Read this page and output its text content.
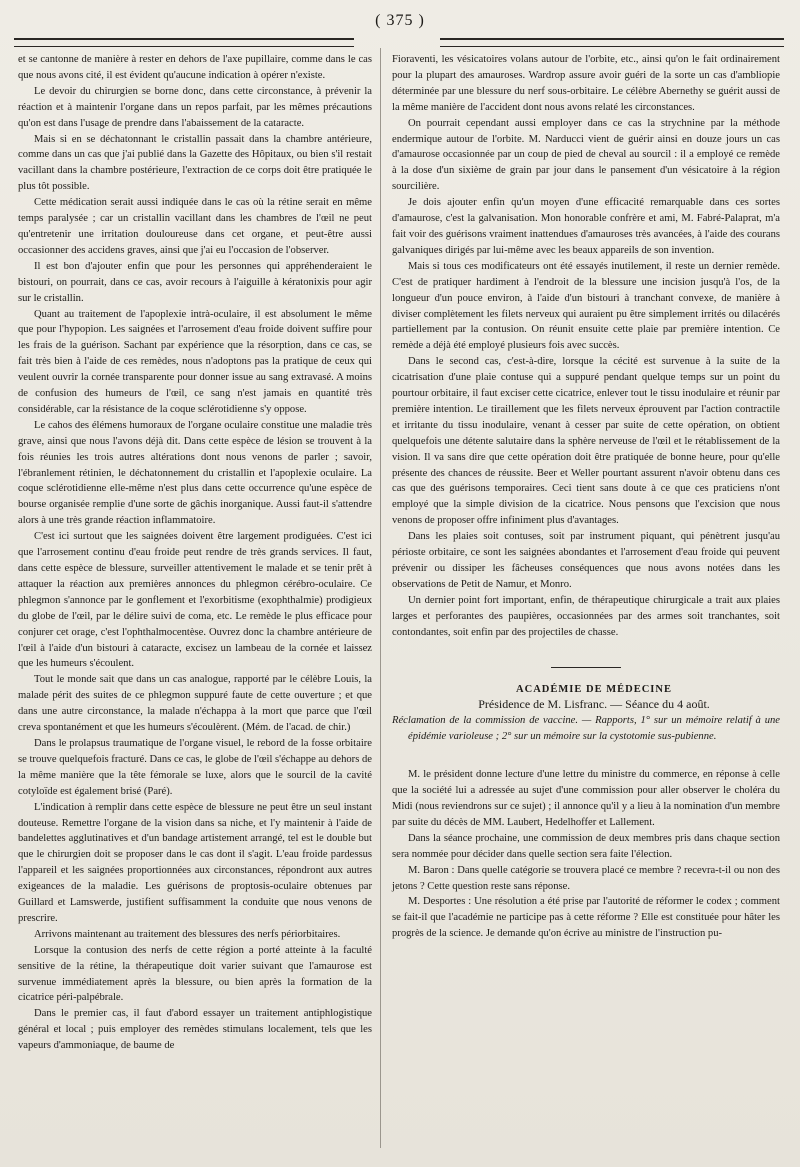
( 375 )

et se cantonne de manière à rester en dehors de l'axe pupillaire, comme dans le cas que nous avons cité, il est évident qu'aucune indication à opérer n'existe.

Le devoir du chirurgien se borne donc, dans cette circonstance, à prévenir la réaction et à maintenir l'organe dans un repos parfait, par les mêmes précautions qu'on est dans l'usage de prendre dans l'abaissement de la cataracte.

Mais si en se déchatonnant le cristallin passait dans la chambre antérieure, comme dans un cas que j'ai publié dans la Gazette des Hôpitaux, ou bien s'il restait vacillant dans la chambre postérieure, l'extraction de ce corps doit être pratiquée le plus tôt possible.

Cette médication serait aussi indiquée dans le cas où la rétine serait en même temps paralysée ; car un cristallin vacillant dans les chambres de l'œil ne peut qu'entretenir une irritation douloureuse dans cet organe, et peut-être aussi occasionner des accidens graves, ainsi que j'ai eu l'occasion de l'observer.

Il est bon d'ajouter enfin que pour les personnes qui appréhenderaient le bistouri, on pourrait, dans ce cas, avoir recours à l'aiguille à kératonixis pour agir sur le cristallin.

Quant au traitement de l'apoplexie intrà-oculaire, il est absolument le même que pour l'hypopion. Les saignées et l'arrosement d'eau froide doivent suffire pour les frais de la guérison. Sachant par expérience que la résorption, dans ce cas, se fait très bien à l'aide de ces remèdes, nous n'adoptons pas la pratique de ceux qui veulent ouvrir la cornée transparente pour donner issue au sang extravasé. A moins de confusion des humeurs de l'œil, ce sang n'est jamais en quantité très considérable, car la résistance de la coque sclérotidienne s'y oppose.

Le cahos des élémens humoraux de l'organe oculaire constitue une maladie très grave, ainsi que nous l'avons déjà dit. Dans cette espèce de lésion se trouvent à la fois réunies les trois autres altérations dont nous venons de parler ; savoir, l'ébranlement rétinien, le déchatonnement du cristallin et l'apoplexie oculaire. La coque sclérotidienne elle-même n'est plus dans cette occurrence qu'une espèce de bourse organisée remplie d'une sorte de gâchis inorganique. Aussi faut-il s'attendre alors à une très grande réaction inflammatoire.

C'est ici surtout que les saignées doivent être largement prodiguées. C'est ici que l'arrosement continu d'eau froide peut rendre de très grands services. Il faut, dans cette espèce de blessure, surveiller attentivement le malade et se tenir prêt à attaquer la réaction aux premières annonces du phlegmon cérébro-oculaire. Ce phlegmon s'annonce par le gonflement et l'exorbitisme (exophthalmie) prodigieux du globe de l'œil, par le délire suivi de coma, etc. Le remède le plus efficace pour conjurer cet orage, c'est l'ophthalmocentèse. Ouvrez donc la chambre antérieure de l'œil à l'aide d'un bistouri à cataracte, excisez un lambeau de la cornée et laissez que les humeurs s'écoulent.

Tout le monde sait que dans un cas analogue, rapporté par le célèbre Louis, la malade périt des suites de ce phlegmon suppuré faute de cette ouverture ; et que dans une autre circonstance, la malade n'échappa à la mort que parce que l'œil creva spontanément et que les humeurs s'écoulèrent. (Mém. de l'acad. de chir.)

Dans le prolapsus traumatique de l'organe visuel, le rebord de la fosse orbitaire se trouve quelquefois fracturé. Dans ce cas, le globe de l'œil s'échappe au dehors de la même manière que la tête fémorale se luxe, alors que le sourcil de la cavité cotyloïde est également brisé (Paré).

L'indication à remplir dans cette espèce de blessure ne peut être un seul instant douteuse. Remettre l'organe de la vision dans sa niche, et l'y maintenir à l'aide de bandelettes agglutinatives et d'un bandage artistement arrangé, tel est le double but que le chirurgien doit se proposer dans le cas dont il s'agit. L'eau froide pardessus l'appareil et les saignées proportionnées aux circonstances, répondront aux autres exigeances de la maladie. Les guérisons de proptosis-oculaire obtenues par Guillard et Lamswerde, justifient suffisamment la conduite que nous venons de prescrire.

Arrivons maintenant au traitement des blessures des nerfs périorbitaires.

Lorsque la contusion des nerfs de cette région a porté atteinte à la faculté sensitive de la rétine, la thérapeutique doit varier suivant que l'amaurose est survenue immédiatement après la blessure, ou bien après la formation de la cicatrice péri-palpébrale.

Dans le premier cas, il faut d'abord essayer un traitement antiphlogistique général et local ; puis employer des remèdes stimulans localement, tels que les vapeurs d'ammoniaque, de baume de

Fioraventi, les vésicatoires volans autour de l'orbite, etc., ainsi qu'on le fait ordinairement pour la plupart des amauroses. Wardrop assure avoir guéri de la sorte un cas d'ambliopie déterminée par une blessure du nerf sous-orbitaire. Le célèbre Abernethy se guérit aussi de la même manière de l'accident dont nous avons relaté les circonstances.

On pourrait cependant aussi employer dans ce cas la strychnine par la méthode endermique autour de l'orbite. M. Narducci vient de guérir ainsi en douze jours un cas d'amaurose occasionnée par un coup de pied de cheval au sourcil : il a employé ce remède à la dose d'un sixième de grain par jour dans le pansement d'un vésicatoire à la région sourcilière.

Je dois ajouter enfin qu'un moyen d'une efficacité remarquable dans ces sortes d'amaurose, c'est la galvanisation. Mon honorable confrère et ami, M. Fabré-Palaprat, m'a fait voir des guérisons vraiment inattendues d'amauroses très avancées, à l'aide des courans galvaniques dirigés par lui-même avec les beaux appareils de son invention.

Mais si tous ces modificateurs ont été essayés inutilement, il reste un dernier remède. C'est de pratiquer hardiment à l'endroit de la blessure une incision jusqu'à l'os, de la longueur d'un pouce environ, à l'aide d'un bistouri à tranchant convexe, de manière à diviser complètement les filets nerveux qui auraient pu être simplement irrités ou dilacérés partiellement par la contusion. On réunit ensuite cette plaie par première intention. Ce remède a déjà été employé plusieurs fois avec succès.

Dans le second cas, c'est-à-dire, lorsque la cécité est survenue à la suite de la cicatrisation d'une plaie contuse qui a suppuré pendant quelque temps sur un point du pourtour orbitaire, il faut exciser cette cicatrice, enlever tout le tissu inodulaire et réunir par première intention. Le tiraillement que les filets nerveux éprouvent par l'action contractile et irritante du tissu inodulaire, venant à cesser par suite de cette opération, on obtient quelquefois une détente salutaire dans la sphère nerveuse de l'œil et le rétablissement de la vision. Il va sans dire que cette opération doit être pratiquée de bonne heure, pour qu'elle présente des chances de réussite. Beer et Weller pourtant assurent n'avoir obtenu dans ces cas que des guérisons temporaires. Ceci tient sans doute à ce que ces praticiens n'ont employé que la simple division de la cicatrice. Nous pensons que l'excision que nous venons de proposer offre infiniment plus d'avantages.

Dans les plaies soit contuses, soit par instrument piquant, qui pénètrent jusqu'au périoste orbitaire, ce sont les saignées abondantes et l'arrosement d'eau froide qui peuvent prévenir ou dissiper les fâcheuses conséquences que nous avons notées dans les observations de Petit de Namur, et Monro.

Un dernier point fort important, enfin, de thérapeutique chirurgicale a trait aux plaies larges et perforantes des paupières, occasionnées par des armes soit tranchantes, soit contondantes, soit enfin par des projectiles de chasse.

ACADÉMIE DE MÉDECINE

Présidence de M. Lisfranc. — Séance du 4 août.

Réclamation de la commission de vaccine. — Rapports, 1° sur un mémoire relatif à une épidémie varioleuse ; 2° sur un mémoire sur la cystotomie sus-pubienne.

M. le président donne lecture d'une lettre du ministre du commerce, en réponse à celle que la société lui a adressée au sujet d'une commission pour aller observer le choléra du Midi (nous reviendrons sur ce sujet) ; il annonce qu'il y a lieu à la nomination d'un membre par suite du décès de MM. Laubert, Hedelhoffer et Lallement.

Dans la séance prochaine, une commission de deux membres pris dans chaque section sera nommée pour décider dans quelle section sera faite l'élection.

M. Baron : Dans quelle catégorie se trouvera placé ce membre ? recevra-t-il ou non des jetons ? Cette question reste sans réponse.

M. Desportes : Une résolution a été prise par l'autorité de réformer le codex ; comment se fait-il que l'académie ne participe pas à cette réforme ? Elle est constituée pour hâter les progrès de la science. Je demande qu'on écrive au ministre de l'instruction pu-
